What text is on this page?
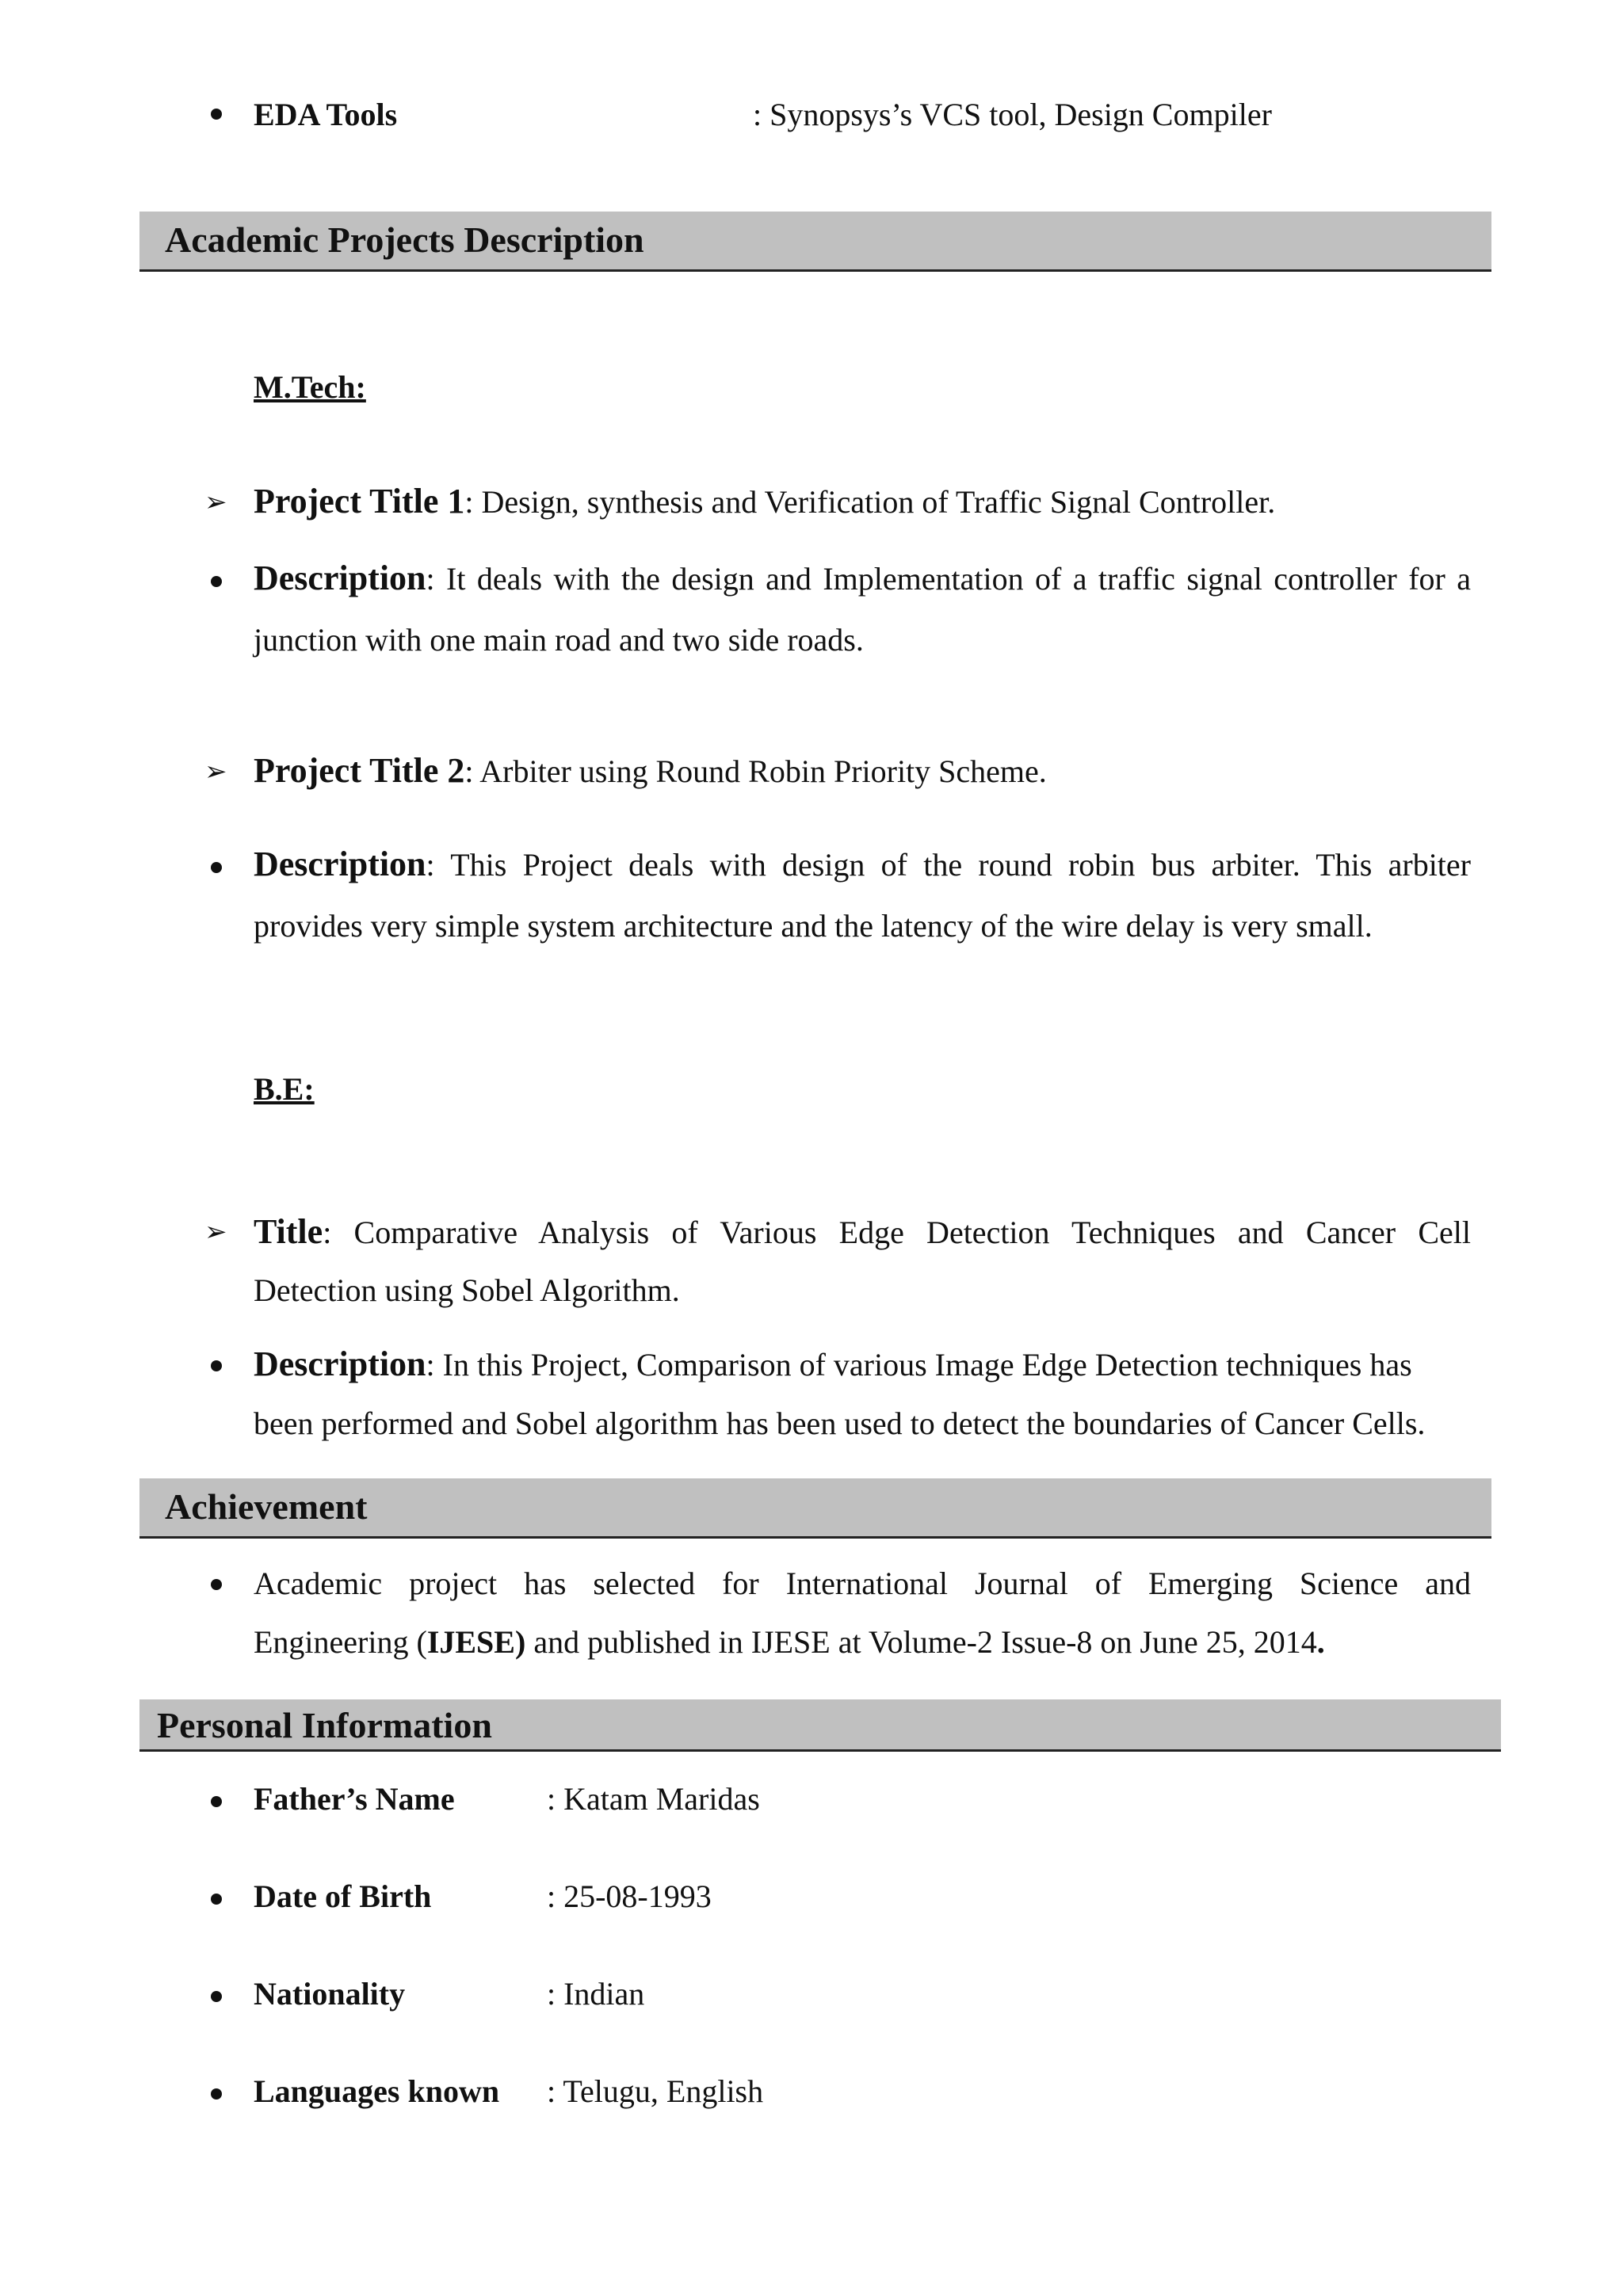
EDA Tools	: Synopsys’s VCS tool, Design Compiler
Academic Projects Description
M.Tech:
➢ Project Title 1: Design, synthesis and Verification of Traffic Signal Controller.
Description: It deals with the design and Implementation of a traffic signal controller for a
junction with one main road and two side roads.
➢ Project Title 2: Arbiter using Round Robin Priority Scheme.
Description: This Project deals with design of the round robin bus arbiter. This arbiter
provides very simple system architecture and the latency of the wire delay is very small.
B.E:
➢ Title: Comparative Analysis of Various Edge Detection Techniques and Cancer Cell
Detection using Sobel Algorithm.
Description: In this Project, Comparison of various Image Edge Detection techniques has
been performed and Sobel algorithm has been used to detect the boundaries of Cancer Cells.
Achievement
Academic project has selected for International Journal of Emerging Science and
Engineering (IJESE) and published in IJESE at Volume-2 Issue-8 on June 25, 2014.
Personal Information
Father’s Name	: Katam Maridas
Date of Birth	: 25-08-1993
Nationality	: Indian
Languages known : Telugu, English
